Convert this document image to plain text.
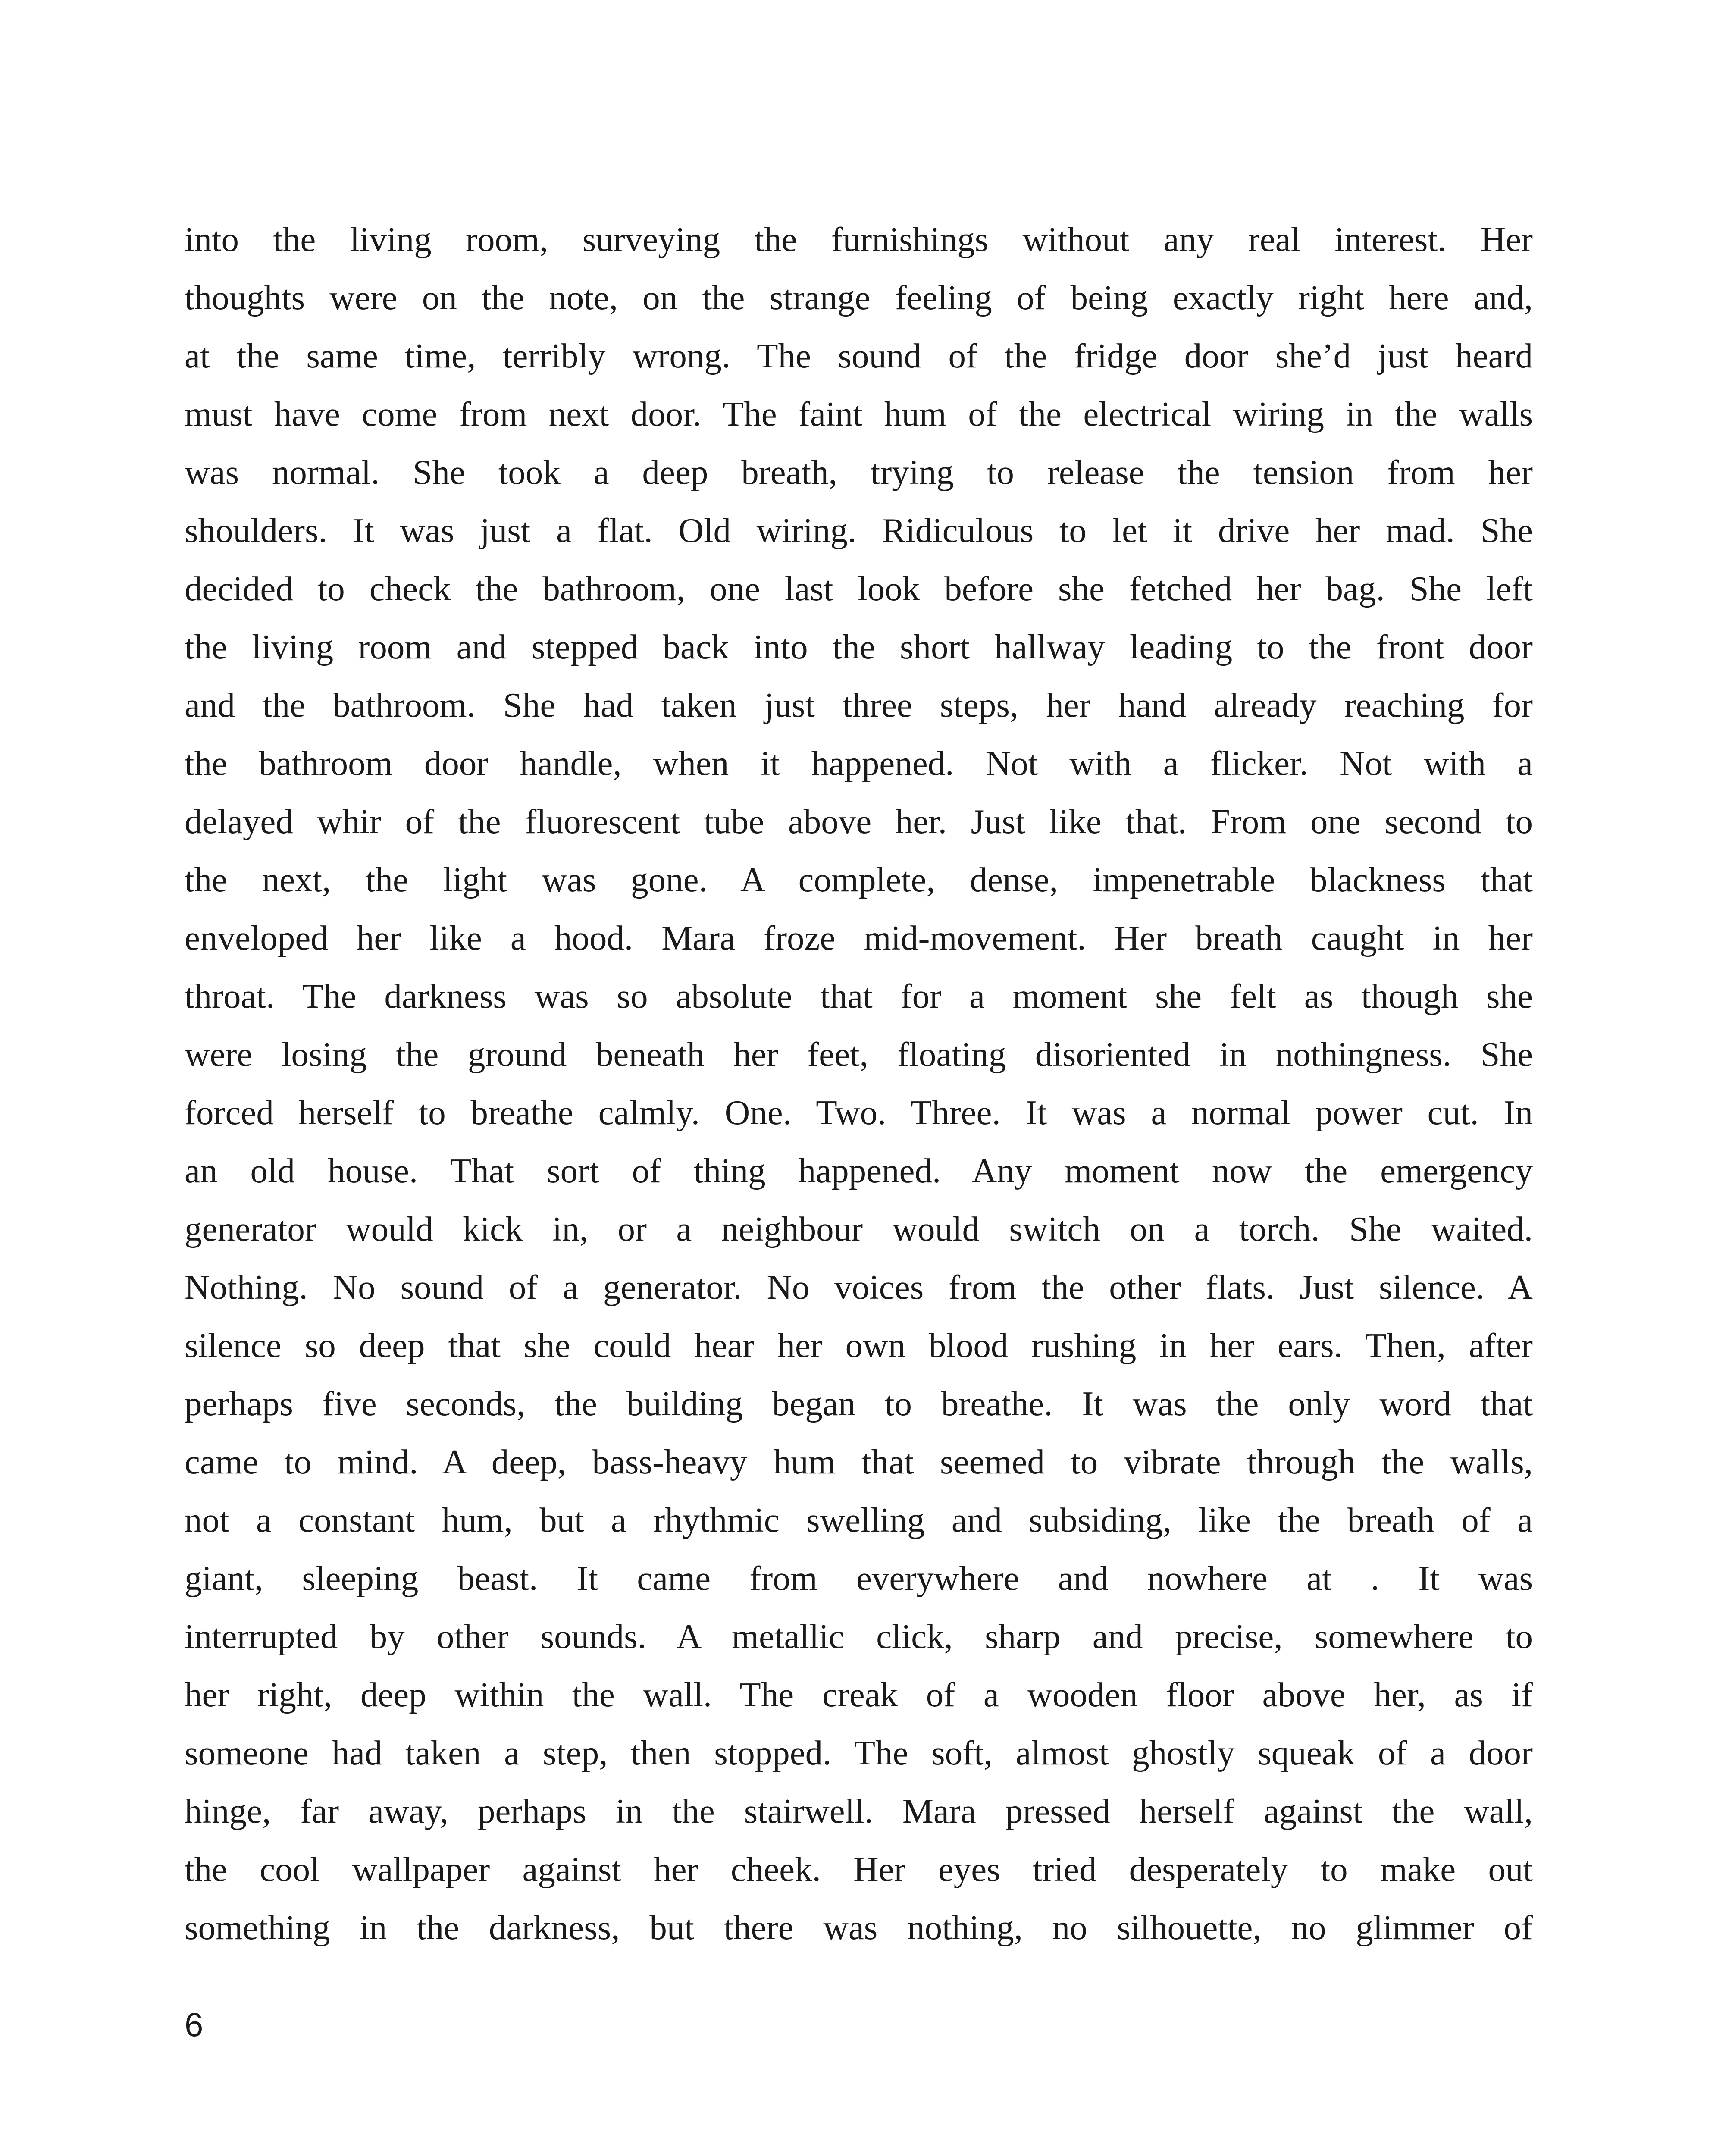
into the living room, surveying the furnishings without any real interest. Her
thoughts were on the note, on the strange feeling of being exactly right here and,
at the same time, terribly wrong. The sound of the fridge door she’d just heard
must have come from next door. The faint hum of the electrical wiring in the walls
was normal. She took a deep breath, trying to release the tension from her
shoulders. It was just a flat. Old wiring. Ridiculous to let it drive her mad. She
decided to check the bathroom, one last look before she fetched her bag. She left
the living room and stepped back into the short hallway leading to the front door
and the bathroom. She had taken just three steps, her hand already reaching for
the bathroom door handle, when it happened. Not with a flicker. Not with a
delayed whir of the fluorescent tube above her. Just like that. From one second to
the next, the light was gone. A complete, dense, impenetrable blackness that
enveloped her like a hood. Mara froze mid-movement. Her breath caught in her
throat. The darkness was so absolute that for a moment she felt as though she
were losing the ground beneath her feet, floating disoriented in nothingness. She
forced herself to breathe calmly. One. Two. Three. It was a normal power cut. In
an old house. That sort of thing happened. Any moment now the emergency
generator would kick in, or a neighbour would switch on a torch. She waited.
Nothing. No sound of a generator. No voices from the other flats. Just silence. A
silence so deep that she could hear her own blood rushing in her ears. Then, after
perhaps five seconds, the building began to breathe. It was the only word that
came to mind. A deep, bass-heavy hum that seemed to vibrate through the walls,
not a constant hum, but a rhythmic swelling and subsiding, like the breath of a
giant, sleeping beast. It came from everywhere and nowhere at . It was
interrupted by other sounds. A metallic click, sharp and precise, somewhere to
her right, deep within the wall. The creak of a wooden floor above her, as if
someone had taken a step, then stopped. The soft, almost ghostly squeak of a door
hinge, far away, perhaps in the stairwell. Mara pressed herself against the wall,
the cool wallpaper against her cheek. Her eyes tried desperately to make out
something in the darkness, but there was nothing, no silhouette, no glimmer of
6
